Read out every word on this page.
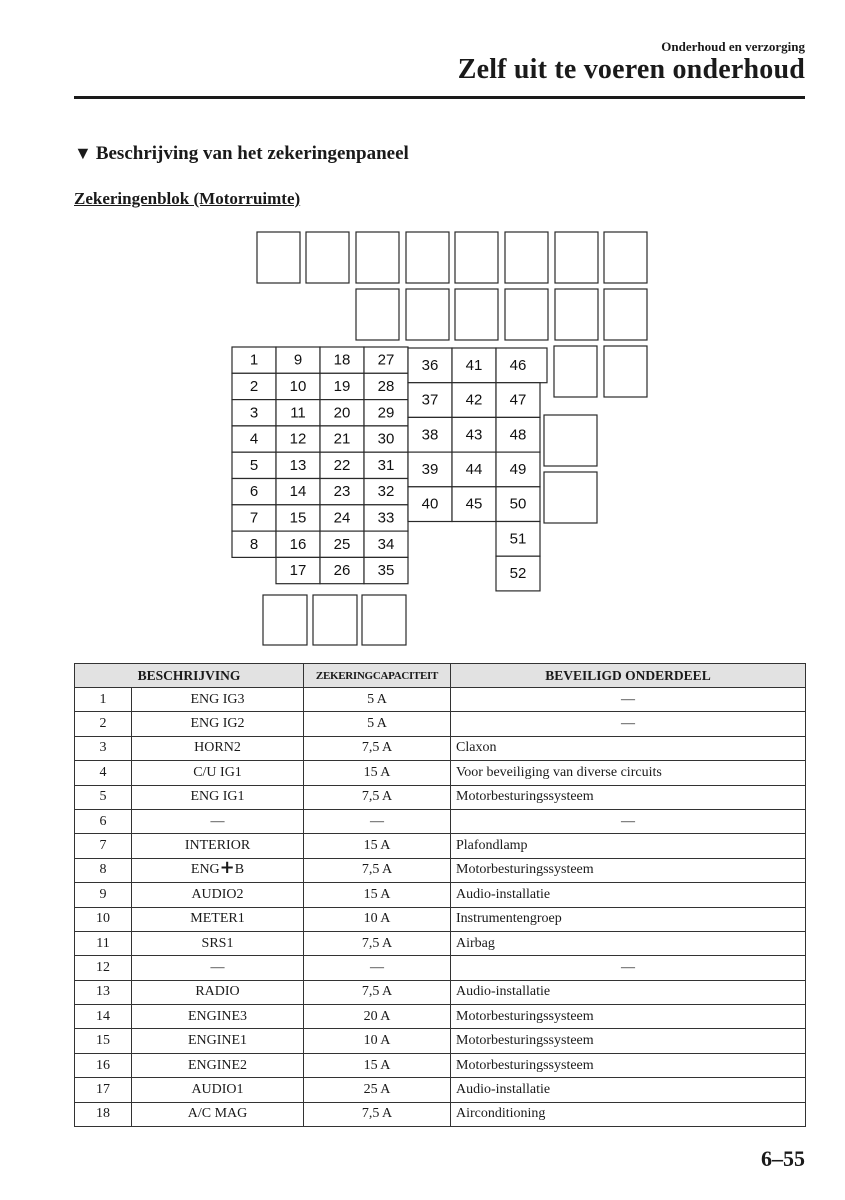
Onderhoud en verzorging
Zelf uit te voeren onderhoud
▼ Beschrijving van het zekeringenpaneel
Zekeringenblok (Motorruimte)
1
2
3
4
5
6
7
8
9
10
11
12
13
14
15
16
17
18
19
20
21
22
23
24
25
26
27
28
29
30
31
32
33
34
35
36
37
38
39
40
41
42
43
44
45
46
47
48
49
50
51
52
BESCHRIJVING		ZEKERINGCAPACITEIT	BEVEILIGD ONDERDEEL
1	ENG IG3	5 A	—
2	ENG IG2	5 A	—
3	HORN2	7,5 A	Claxon
4	C/U IG1	15 A	Voor beveiliging van diverse circuits
5	ENG IG1	7,5 A	Motorbesturingssysteem
6	—	—	—
7	INTERIOR	15 A	Plafondlamp
8	ENG+B	7,5 A	Motorbesturingssysteem
9	AUDIO2	15 A	Audio-installatie
10	METER1	10 A	Instrumentengroep
11	SRS1	7,5 A	Airbag
12	—	—	—
13	RADIO	7,5 A	Audio-installatie
14	ENGINE3	20 A	Motorbesturingssysteem
15	ENGINE1	10 A	Motorbesturingssysteem
16	ENGINE2	15 A	Motorbesturingssysteem
17	AUDIO1	25 A	Audio-installatie
18	A/C MAG	7,5 A	Airconditioning
6–55
